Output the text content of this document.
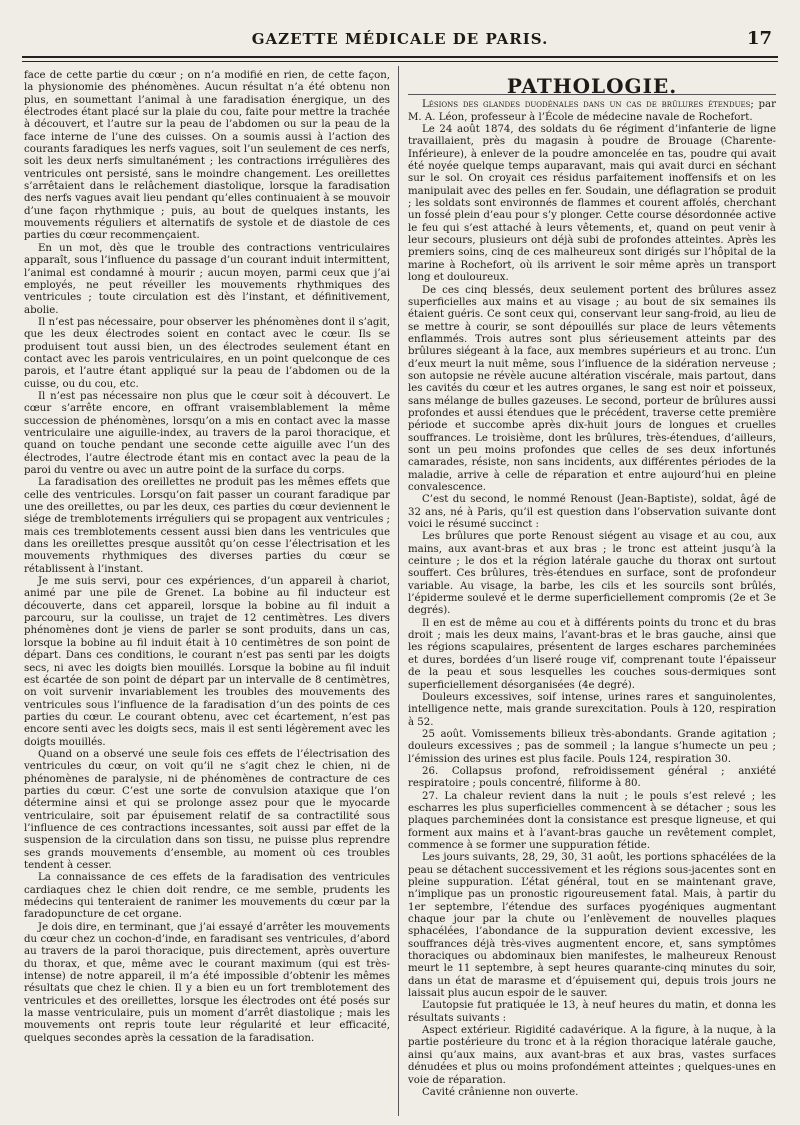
GAZETTE MÉDICALE DE PARIS.	17

face de cette partie du cœur ; on n’a modifié en rien, de cette façon, la physionomie des phénomènes. Aucun résultat n’a été obtenu non plus, en soumettant l’animal à une faradisation énergique, un des électrodes étant placé sur la plaie du cou, faite pour mettre la trachée à découvert, et l’autre sur la peau de l’abdomen ou sur la peau de la face interne de l’une des cuisses. On a soumis aussi à l’action des courants faradiques les nerfs vagues, soit l’un seulement de ces nerfs, soit les deux nerfs simultanément ; les contractions irrégulières des ventricules ont persisté, sans le moindre changement. Les oreillettes s’arrêtaient dans le relâchement diastolique, lorsque la faradisation des nerfs vagues avait lieu pendant qu’elles continuaient à se mouvoir d’une façon rhythmique ; puis, au bout de quelques instants, les mouvements réguliers et alternatifs de systole et de diastole de ces parties du cœur recommençaient.

En un mot, dès que le trouble des contractions ventriculaires apparaît, sous l’influence du passage d’un courant induit intermittent, l’animal est condamné à mourir ; aucun moyen, parmi ceux que j’ai employés, ne peut réveiller les mouvements rhythmiques des ventricules ; toute circulation est dès l’instant, et définitivement, abolie.

Il n’est pas nécessaire, pour observer les phénomènes dont il s’agit, que les deux électrodes soient en contact avec le cœur. Ils se produisent tout aussi bien, un des électrodes seulement étant en contact avec les parois ventriculaires, en un point quelconque de ces parois, et l’autre étant appliqué sur la peau de l’abdomen ou de la cuisse, ou du cou, etc.

Il n’est pas nécessaire non plus que le cœur soit à découvert. Le cœur s’arrête encore, en offrant vraisemblablement la même succession de phénomènes, lorsqu’on a mis en contact avec la masse ventriculaire une aiguille-index, au travers de la paroi thoracique, et quand on touche pendant une seconde cette aiguille avec l’un des électrodes, l’autre électrode étant mis en contact avec la peau de la paroi du ventre ou avec un autre point de la surface du corps.

La faradisation des oreillettes ne produit pas les mêmes effets que celle des ventricules. Lorsqu’on fait passer un courant faradique par une des oreillettes, ou par les deux, ces parties du cœur deviennent le siége de tremblotements irréguliers qui se propagent aux ventricules ; mais ces tremblotements cessent aussi bien dans les ventricules que dans les oreillettes presque aussitôt qu’on cesse l’électrisation et les mouvements rhythmiques des diverses parties du cœur se rétablissent à l’instant.

Je me suis servi, pour ces expériences, d’un appareil à chariot, animé par une pile de Grenet. La bobine au fil inducteur est découverte, dans cet appareil, lorsque la bobine au fil induit a parcouru, sur la coulisse, un trajet de 12 centimètres. Les divers phénomènes dont je viens de parler se sont produits, dans un cas, lorsque la bobine au fil induit était à 10 centimètres de son point de départ. Dans ces conditions, le courant n’est pas senti par les doigts secs, ni avec les doigts bien mouillés. Lorsque la bobine au fil induit est écartée de son point de départ par un intervalle de 8 centimètres, on voit survenir invariablement les troubles des mouvements des ventricules sous l’influence de la faradisation d’un des points de ces parties du cœur. Le courant obtenu, avec cet écartement, n’est pas encore senti avec les doigts secs, mais il est senti légèrement avec les doigts mouillés.

Quand on a observé une seule fois ces effets de l’électrisation des ventricules du cœur, on voit qu’il ne s’agit chez le chien, ni de phénomènes de paralysie, ni de phénomènes de contracture de ces parties du cœur. C’est une sorte de convulsion ataxique que l’on détermine ainsi et qui se prolonge assez pour que le myocarde ventriculaire, soit par épuisement relatif de sa contractilité sous l’influence de ces contractions incessantes, soit aussi par effet de la suspension de la circulation dans son tissu, ne puisse plus reprendre ses grands mouvements d’ensemble, au moment où ces troubles tendent à cesser.

La connaissance de ces effets de la faradisation des ventricules cardiaques chez le chien doit rendre, ce me semble, prudents les médecins qui tenteraient de ranimer les mouvements du cœur par la faradopuncture de cet organe.

Je dois dire, en terminant, que j’ai essayé d’arrêter les mouvements du cœur chez un cochon-d’inde, en faradisant ses ventricules, d’abord au travers de la paroi thoracique, puis directement, après ouverture du thorax, et que, même avec le courant maximum (qui est très-intense) de notre appareil, il m’a été impossible d’obtenir les mêmes résultats que chez le chien. Il y a bien eu un fort tremblotement des ventricules et des oreillettes, lorsque les électrodes ont été posés sur la masse ventriculaire, puis un moment d’arrêt diastolique ; mais les mouvements ont repris toute leur régularité et leur efficacité, quelques secondes après la cessation de la faradisation.

PATHOLOGIE.

Lésions des glandes duodénales dans un cas de brûlures étendues; par M. A. Léon, professeur à l’École de médecine navale de Rochefort.

Le 24 août 1874, des soldats du 6e régiment d’infanterie de ligne travaillaient, près du magasin à poudre de Brouage (Charente-Inférieure), à enlever de la poudre amoncelée en tas, poudre qui avait été noyée quelque temps auparavant, mais qui avait durci en séchant sur le sol. On croyait ces résidus parfaitement inoffensifs et on les manipulait avec des pelles en fer. Soudain, une déflagration se produit ; les soldats sont environnés de flammes et courent affolés, cherchant un fossé plein d’eau pour s’y plonger. Cette course désordonnée active le feu qui s’est attaché à leurs vêtements, et, quand on peut venir à leur secours, plusieurs ont déjà subi de profondes atteintes. Après les premiers soins, cinq de ces malheureux sont dirigés sur l’hôpital de la marine à Rochefort, où ils arrivent le soir même après un transport long et douloureux.

De ces cinq blessés, deux seulement portent des brûlures assez superficielles aux mains et au visage ; au bout de six semaines ils étaient guéris. Ce sont ceux qui, conservant leur sang-froid, au lieu de se mettre à courir, se sont dépouillés sur place de leurs vêtements enflammés. Trois autres sont plus sérieusement atteints par des brûlures siégeant à la face, aux membres supérieurs et au tronc. L’un d’eux meurt la nuit même, sous l’influence de la sidération nerveuse ; son autopsie ne révèle aucune altération viscérale, mais partout, dans les cavités du cœur et les autres organes, le sang est noir et poisseux, sans mélange de bulles gazeuses. Le second, porteur de brûlures aussi profondes et aussi étendues que le précédent, traverse cette première période et succombe après dix-huit jours de longues et cruelles souffrances. Le troisième, dont les brûlures, très-étendues, d’ailleurs, sont un peu moins profondes que celles de ses deux infortunés camarades, résiste, non sans incidents, aux différentes périodes de la maladie, arrive à celle de réparation et entre aujourd’hui en pleine convalescence.

C’est du second, le nommé Renoust (Jean-Baptiste), soldat, âgé de 32 ans, né à Paris, qu’il est question dans l’observation suivante dont voici le résumé succinct :

Les brûlures que porte Renoust siégent au visage et au cou, aux mains, aux avant-bras et aux bras ; le tronc est atteint jusqu’à la ceinture ; le dos et la région latérale gauche du thorax ont surtout souffert. Ces brûlures, très-étendues en surface, sont de profondeur variable. Au visage, la barbe, les cils et les sourcils sont brûlés, l’épiderme soulevé et le derme superficiellement compromis (2e et 3e degrés).

Il en est de même au cou et à différents points du tronc et du bras droit ; mais les deux mains, l’avant-bras et le bras gauche, ainsi que les régions scapulaires, présentent de larges eschares parcheminées et dures, bordées d’un liseré rouge vif, comprenant toute l’épaisseur de la peau et sous lesquelles les couches sous-dermiques sont superficiellement désorganisées (4e degré).

Douleurs excessives, soif intense, urines rares et sanguinolentes, intelligence nette, mais grande surexcitation. Pouls à 120, respiration à 52.

25 août. Vomissements bilieux très-abondants. Grande agitation ; douleurs excessives ; pas de sommeil ; la langue s’humecte un peu ; l’émission des urines est plus facile. Pouls 124, respiration 30.

26. Collapsus profond, refroidissement général ; anxiété respiratoire ; pouls concentré, filiforme à 80.

27. La chaleur revient dans la nuit ; le pouls s’est relevé ; les escharres les plus superficielles commencent à se détacher ; sous les plaques parcheminées dont la consistance est presque ligneuse, et qui forment aux mains et à l’avant-bras gauche un revêtement complet, commence à se former une suppuration fétide.

Les jours suivants, 28, 29, 30, 31 août, les portions sphacélées de la peau se détachent successivement et les régions sous-jacentes sont en pleine suppuration. L’état général, tout en se maintenant grave, n’implique pas un pronostic rigoureusement fatal. Mais, à partir du 1er septembre, l’étendue des surfaces pyogéniques augmentant chaque jour par la chute ou l’enlèvement de nouvelles plaques sphacélées, l’abondance de la suppuration devient excessive, les souffrances déjà très-vives augmentent encore, et, sans symptômes thoraciques ou abdominaux bien manifestes, le malheureux Renoust meurt le 11 septembre, à sept heures quarante-cinq minutes du soir, dans un état de marasme et d’épuisement qui, depuis trois jours ne laissait plus aucun espoir de le sauver.

L’autopsie fut pratiquée le 13, à neuf heures du matin, et donna les résultats suivants :

Aspect extérieur. Rigidité cadavérique. A la figure, à la nuque, à la partie postérieure du tronc et à la région thoracique latérale gauche, ainsi qu’aux mains, aux avant-bras et aux bras, vastes surfaces dénudées et plus ou moins profondément atteintes ; quelques-unes en voie de réparation.

Cavité crânienne non ouverte.
